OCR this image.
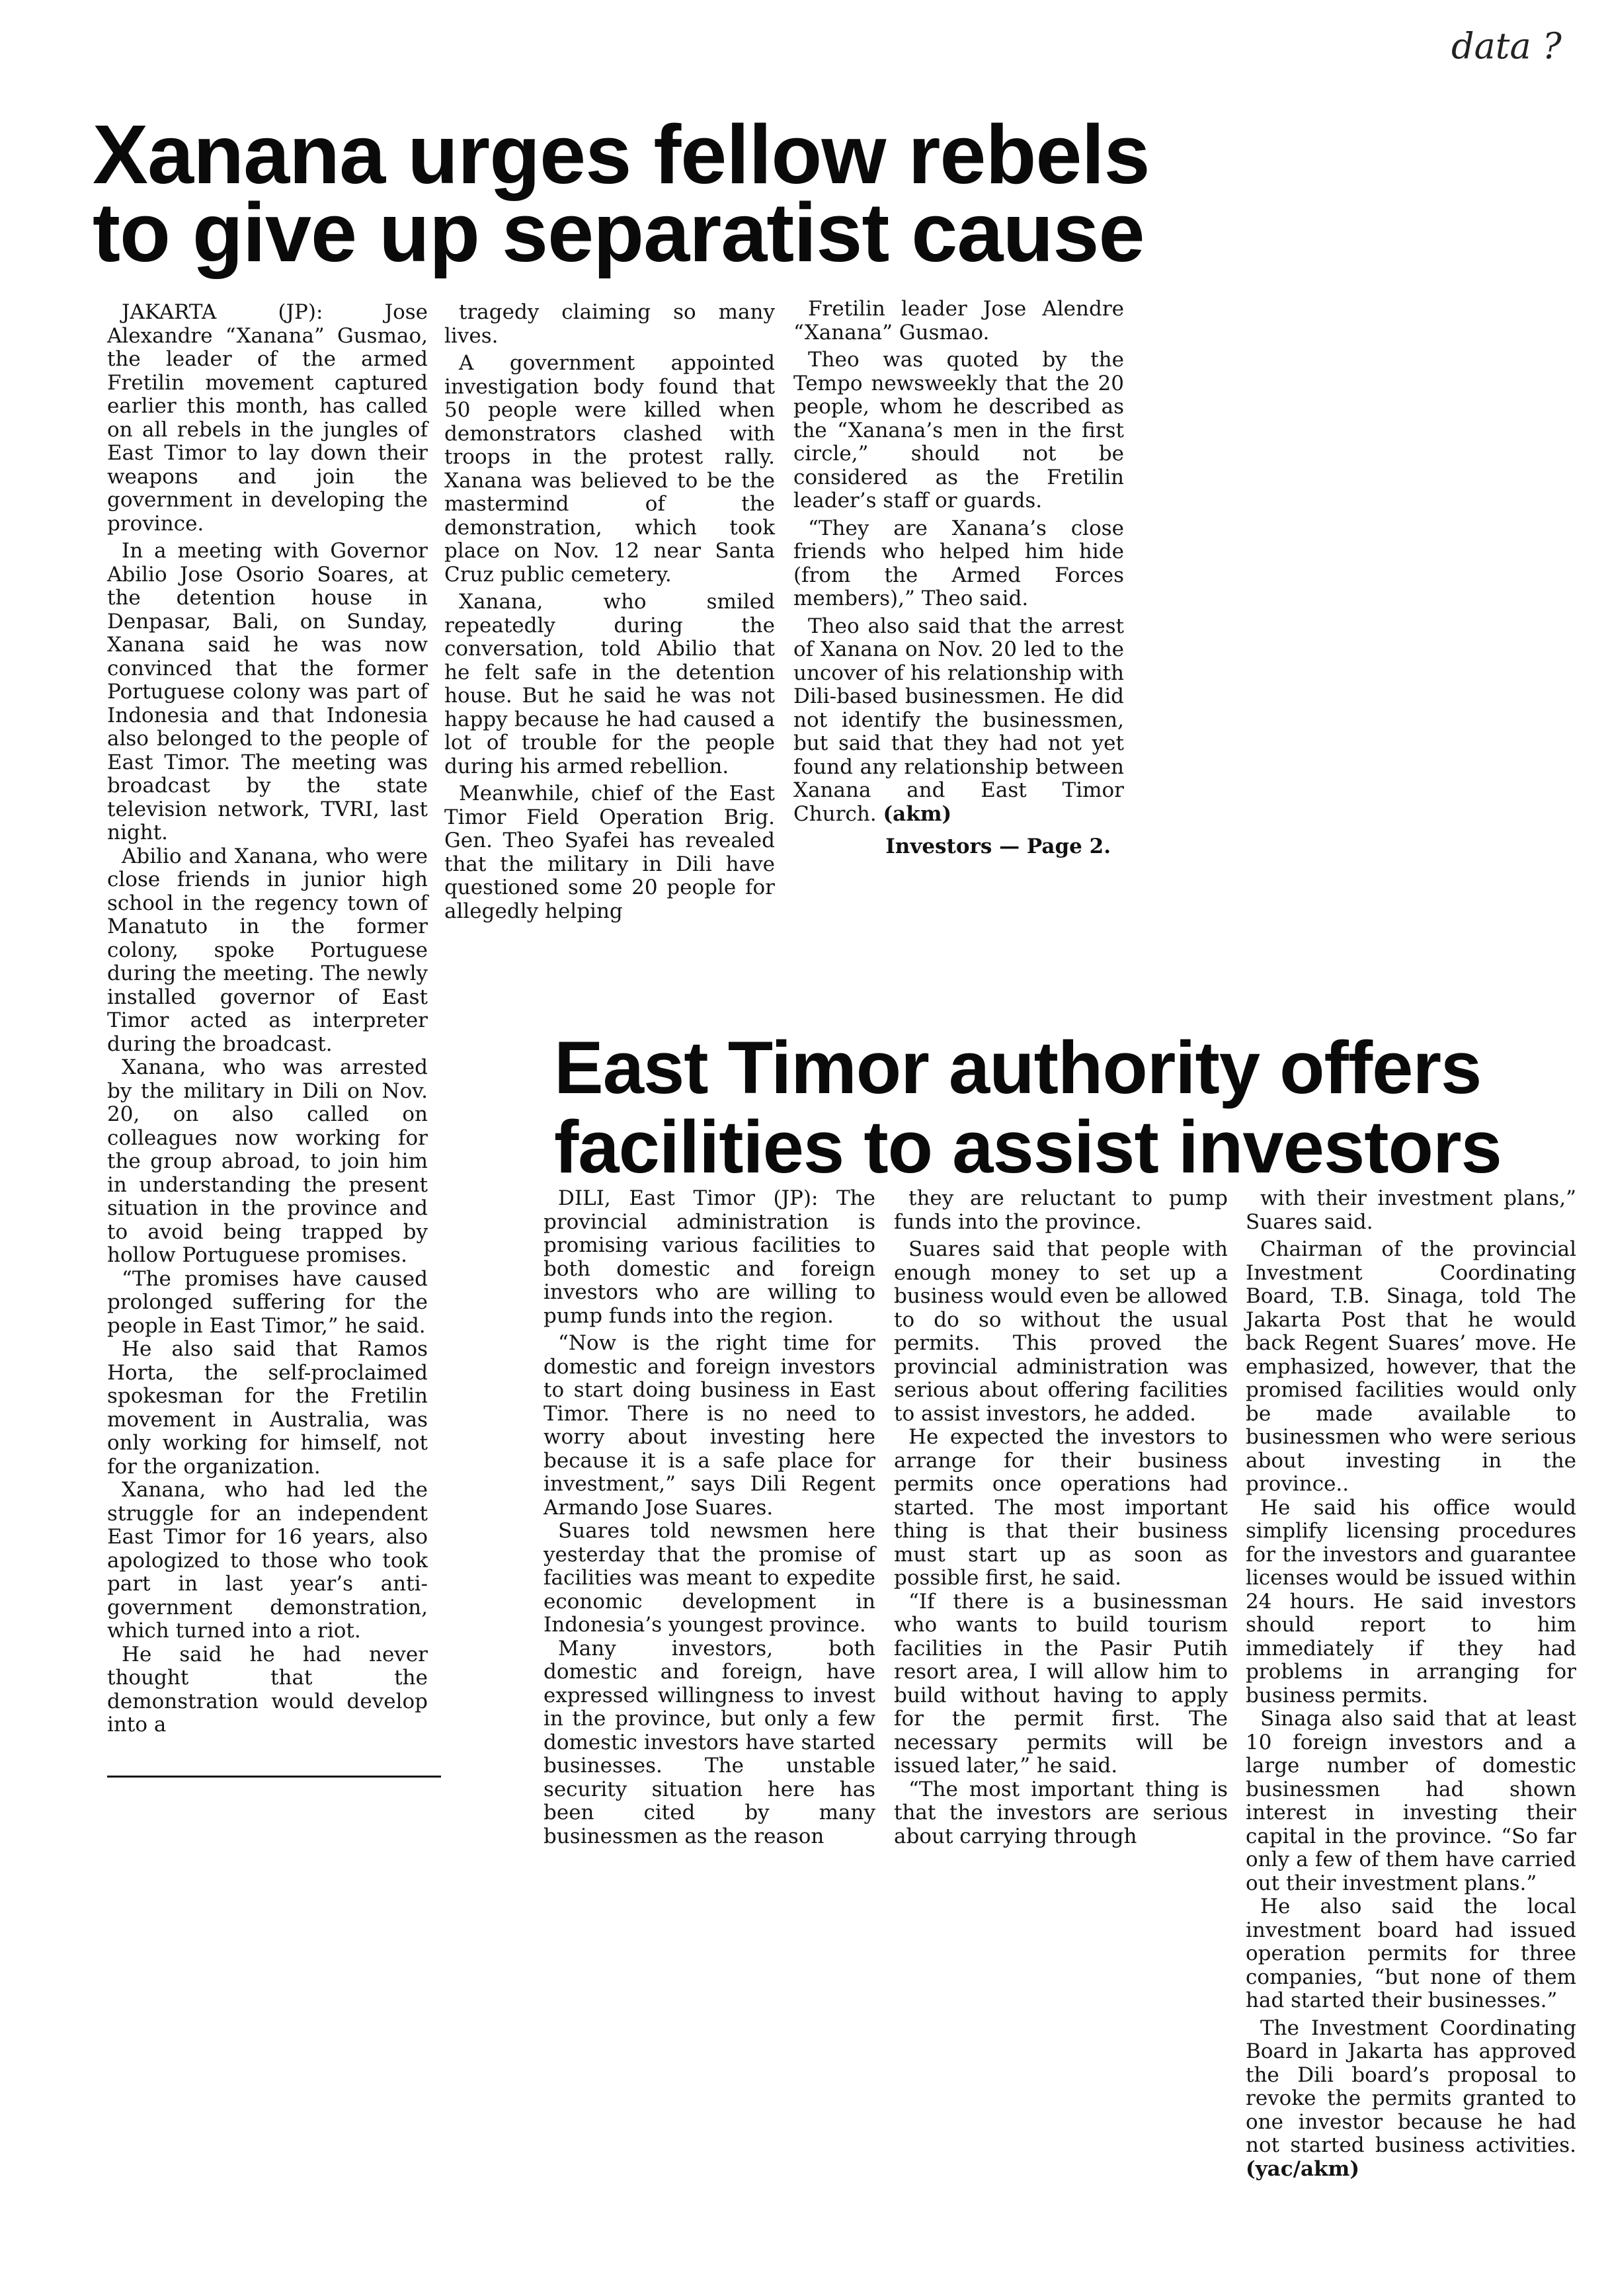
data ?
Xanana urges fellow rebels
to give up separatist cause

JAKARTA (JP): Jose Alexandre “Xanana” Gusmao, the leader of the armed Fretilin movement captured earlier this month, has called on all rebels in the jungles of East Timor to lay down their weapons and join the government in developing the province.

In a meeting with Governor Abilio Jose Osorio Soares, at the detention house in Denpasar, Bali, on Sunday, Xanana said he was now convinced that the former Portuguese colony was part of Indonesia and that Indonesia also belonged to the people of East Timor. The meeting was broadcast by the state television network, TVRI, last night.

Abilio and Xanana, who were close friends in junior high school in the regency town of Manatuto in the former colony, spoke Portuguese during the meeting. The newly installed governor of East Timor acted as interpreter during the broadcast.

Xanana, who was arrested by the military in Dili on Nov. 20, on also called on colleagues now working for the group abroad, to join him in understanding the present situation in the province and to avoid being trapped by hollow Portuguese promises.

“The promises have caused prolonged suffering for the people in East Timor,” he said.

He also said that Ramos Horta, the self-proclaimed spokesman for the Fretilin movement in Australia, was only working for himself, not for the organization.

Xanana, who had led the struggle for an independent East Timor for 16 years, also apologized to those who took part in last year’s anti-government demonstration, which turned into a riot.

He said he had never thought that the demonstration would develop into a

tragedy claiming so many lives.

A government appointed investigation body found that 50 people were killed when demonstrators clashed with troops in the protest rally. Xanana was believed to be the mastermind of the demonstration, which took place on Nov. 12 near Santa Cruz public cemetery.

Xanana, who smiled repeatedly during the conversation, told Abilio that he felt safe in the detention house. But he said he was not happy because he had caused a lot of trouble for the people during his armed rebellion.

Meanwhile, chief of the East Timor Field Operation Brig. Gen. Theo Syafei has revealed that the military in Dili have questioned some 20 people for allegedly helping

Fretilin leader Jose Alendre “Xanana” Gusmao.

Theo was quoted by the Tempo newsweekly that the 20 people, whom he described as the “Xanana’s men in the first circle,” should not be considered as the Fretilin leader’s staff or guards.

“They are Xanana’s close friends who helped him hide (from the Armed Forces members),” Theo said.

Theo also said that the arrest of Xanana on Nov. 20 led to the uncover of his relationship with Dili-based businessmen. He did not identify the businessmen, but said that they had not yet found any relationship between Xanana and East Timor Church. (akm)

Investors — Page 2.
East Timor authority offers
facilities to assist investors

DILI, East Timor (JP): The provincial administration is promising various facilities to both domestic and foreign investors who are willing to pump funds into the region.

“Now is the right time for domestic and foreign investors to start doing business in East Timor. There is no need to worry about investing here because it is a safe place for investment,” says Dili Regent Armando Jose Suares.

Suares told newsmen here yesterday that the promise of facilities was meant to expedite economic development in Indonesia’s youngest province.

Many investors, both domestic and foreign, have expressed willingness to invest in the province, but only a few domestic investors have started businesses. The unstable security situation here has been cited by many businessmen as the reason

they are reluctant to pump funds into the province.

Suares said that people with enough money to set up a business would even be allowed to do so without the usual permits. This proved the provincial administration was serious about offering facilities to assist investors, he added.

He expected the investors to arrange for their business permits once operations had started. The most important thing is that their business must start up as soon as possible first, he said.

“If there is a businessman who wants to build tourism facilities in the Pasir Putih resort area, I will allow him to build without having to apply for the permit first. The necessary permits will be issued later,” he said.

“The most important thing is that the investors are serious about carrying through

with their investment plans,” Suares said.

Chairman of the provincial Investment Coordinating Board, T.B. Sinaga, told The Jakarta Post that he would back Regent Suares’ move. He emphasized, however, that the promised facilities would only be made available to businessmen who were serious about investing in the province..

He said his office would simplify licensing procedures for the investors and guarantee licenses would be issued within 24 hours. He said investors should report to him immediately if they had problems in arranging for business permits.

Sinaga also said that at least 10 foreign investors and a large number of domestic businessmen had shown interest in investing their capital in the province. “So far only a few of them have carried out their investment plans.”

He also said the local investment board had issued operation permits for three companies, “but none of them had started their businesses.”

The Investment Coordinating Board in Jakarta has approved the Dili board’s proposal to revoke the permits granted to one investor because he had not started business activities. (yac/akm)
